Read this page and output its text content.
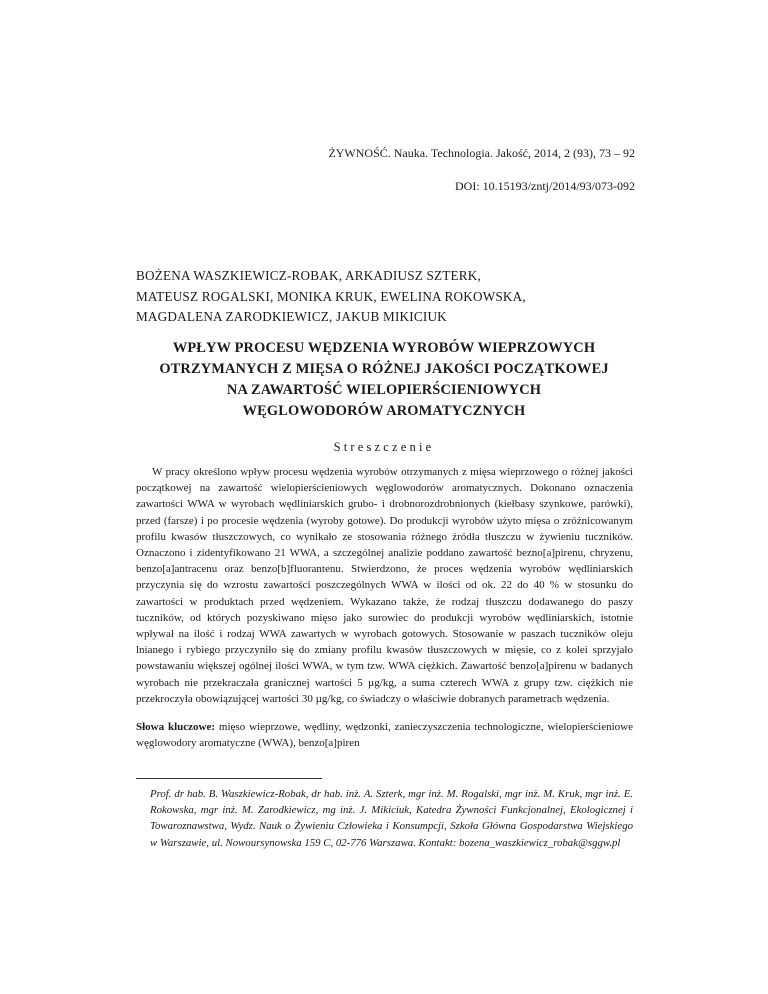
ŻYWNOŚĆ. Nauka. Technologia. Jakość, 2014, 2 (93), 73 – 92
DOI: 10.15193/zntj/2014/93/073-092
BOŻENA WASZKIEWICZ-ROBAK, ARKADIUSZ SZTERK,
MATEUSZ ROGALSKI, MONIKA KRUK, EWELINA ROKOWSKA,
MAGDALENA ZARODKIEWICZ, JAKUB MIKICIUK
WPŁYW PROCESU WĘDZENIA WYROBÓW WIEPRZOWYCH
OTRZYMANYCH Z MIĘSA O RÓŻNEJ JAKOŚCI POCZĄTKOWEJ
NA ZAWARTOŚĆ WIELOPIERŚCIENIOWYCH
WĘGLOWODORÓW AROMATYCZNYCH
Streszczenie

W pracy określono wpływ procesu wędzenia wyrobów otrzymanych z mięsa wieprzowego o różnej jakości początkowej na zawartość wielopierścieniowych węglowodorów aromatycznych. Dokonano oznaczenia zawartości WWA w wyrobach wędliniarskich grubo- i drobnorozdrobnionych (kiełbasy szynkowe, parówki), przed (farsze) i po procesie wędzenia (wyroby gotowe). Do produkcji wyrobów użyto mięsa o zróżnicowanym profilu kwasów tłuszczowych, co wynikało ze stosowania różnego źródła tłuszczu w żywieniu tuczników. Oznaczono i zidentyfikowano 21 WWA, a szczególnej analizie poddano zawartość bezno[a]pirenu, chryzenu, benzo[a]antracenu oraz benzo[b]fluorantenu. Stwierdzono, że proces wędzenia wyrobów wędliniarskich przyczynia się do wzrostu zawartości poszczególnych WWA w ilości od ok. 22 do 40 % w stosunku do zawartości w produktach przed wędzeniem. Wykazano także, że rodzaj tłuszczu dodawanego do paszy tuczników, od których pozyskiwano mięso jako surowiec do produkcji wyrobów wędliniarskich, istotnie wpływał na ilość i rodzaj WWA zawartych w wyrobach gotowych. Stosowanie w paszach tuczników oleju lnianego i rybiego przyczyniło się do zmiany profilu kwasów tłuszczowych w mięsie, co z kolei sprzyjało powstawaniu większej ogólnej ilości WWA, w tym tzw. WWA ciężkich. Zawartość benzo[a]pirenu w badanych wyrobach nie przekraczała granicznej wartości 5 µg/kg, a suma czterech WWA z grupy tzw. ciężkich nie przekroczyła obowiązującej wartości 30 µg/kg, co świadczy o właściwie dobranych parametrach wędzenia.

Słowa kluczowe: mięso wieprzowe, wędliny, wędzonki, zanieczyszczenia technologiczne, wielopierścieniowe węglowodory aromatyczne (WWA), benzo[a]piren
Prof. dr hab. B. Waszkiewicz-Robak, dr hab. inż. A. Szterk, mgr inż. M. Rogalski, mgr inż. M. Kruk, mgr inż. E. Rokowska, mgr inż. M. Zarodkiewicz, mg inż. J. Mikiciuk, Katedra Żywności Funkcjonalnej, Ekologicznej i Towaroznawstwa, Wydz. Nauk o Żywieniu Człowieka i Konsumpcji, Szkoła Główna Gospodarstwa Wiejskiego w Warszawie, ul. Nowoursynowska 159 C, 02-776 Warszawa. Kontakt: bozena_waszkiewicz_robak@sggw.pl
